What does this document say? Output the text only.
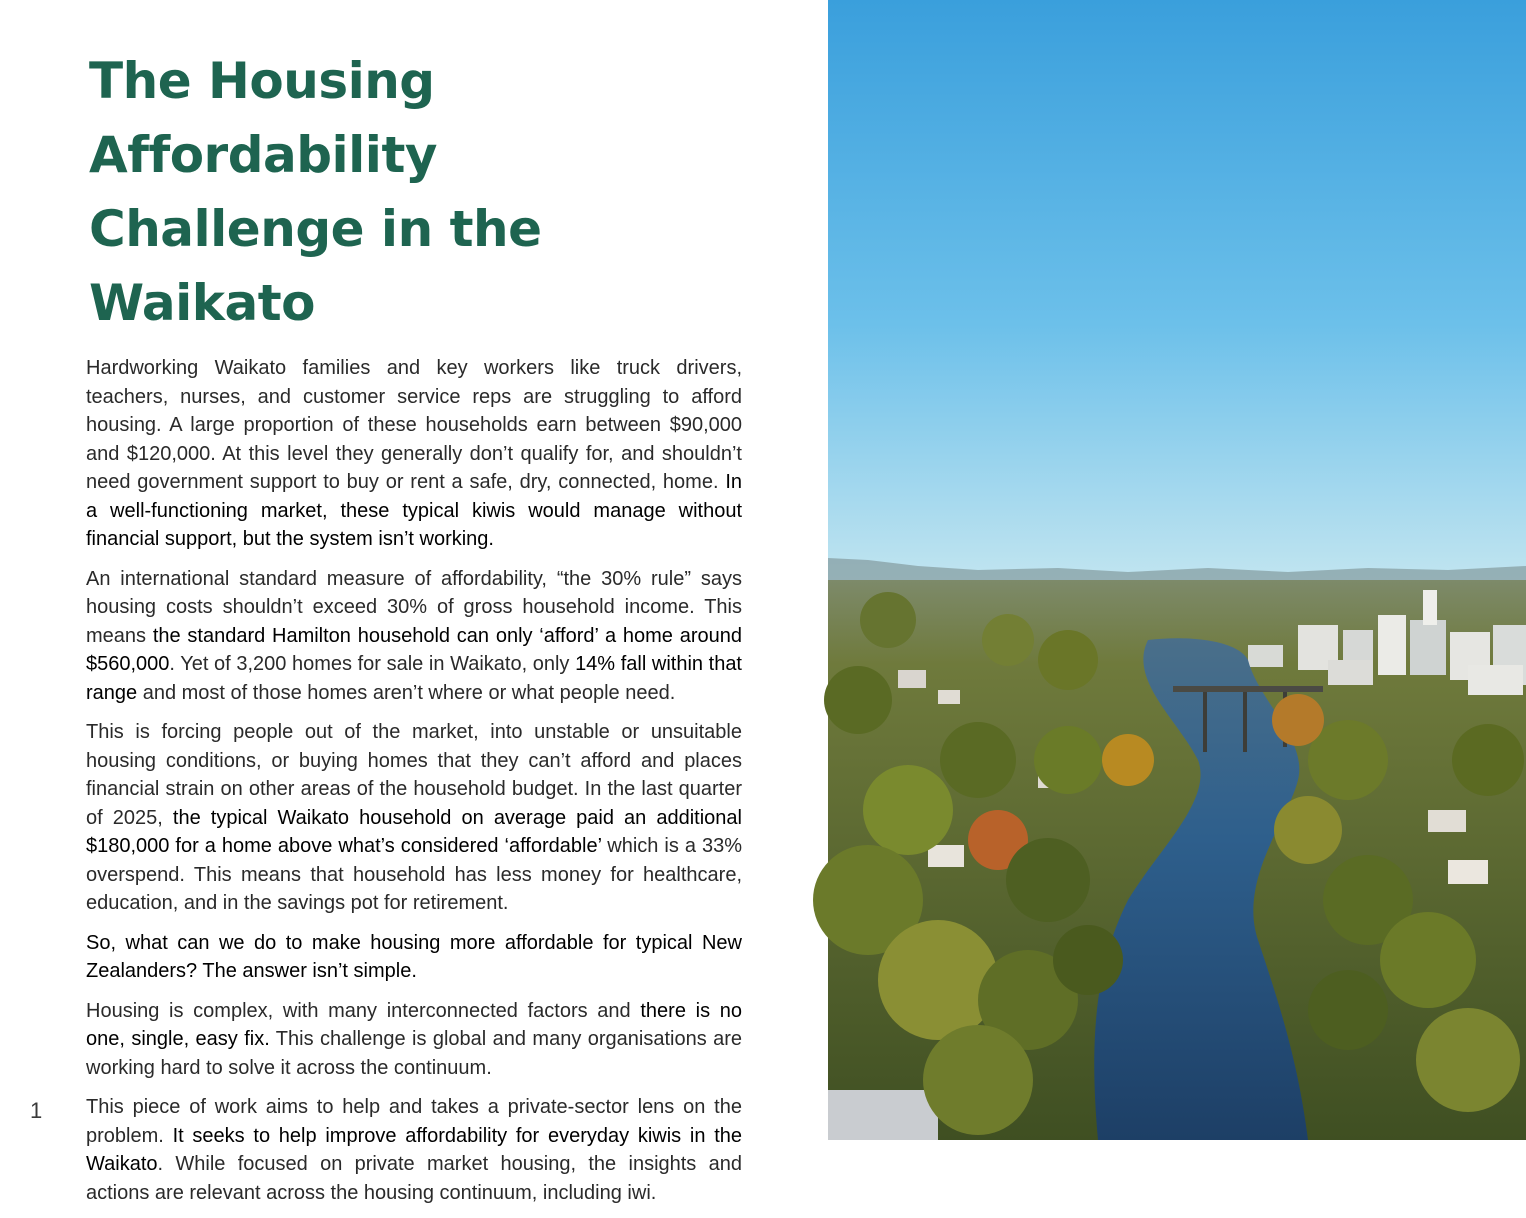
The Housing Affordability
Challenge in the Waikato

Hardworking Waikato families and key workers like truck drivers, teachers, nurses, and customer service reps are struggling to afford housing. A large proportion of these households earn between $90,000 and $120,000. At this level they generally don’t qualify for, and shouldn’t need government support to buy or rent a safe, dry, connected, home. In a well-functioning market, these typical kiwis would manage without financial support, but the system isn’t working.

An international standard measure of affordability, “the 30% rule” says housing costs shouldn’t exceed 30% of gross household income. This means the standard Hamilton household can only ‘afford’ a home around $560,000. Yet of 3,200 homes for sale in Waikato, only 14% fall within that range and most of those homes aren’t where or what people need.

This is forcing people out of the market, into unstable or unsuitable housing conditions, or buying homes that they can’t afford and places financial strain on other areas of the household budget. In the last quarter of 2025, the typical Waikato household on average paid an additional $180,000 for a home above what’s considered ‘affordable’ which is a 33% overspend. This means that household has less money for healthcare, education, and in the savings pot for retirement.

So, what can we do to make housing more affordable for typical New Zealanders? The answer isn’t simple.

Housing is complex, with many interconnected factors and there is no one, single, easy fix. This challenge is global and many organisations are working hard to solve it across the continuum.

This piece of work aims to help and takes a private-sector lens on the problem. It seeks to help improve affordability for everyday kiwis in the Waikato. While focused on private market housing, the insights and actions are relevant across the housing continuum, including iwi.

1
